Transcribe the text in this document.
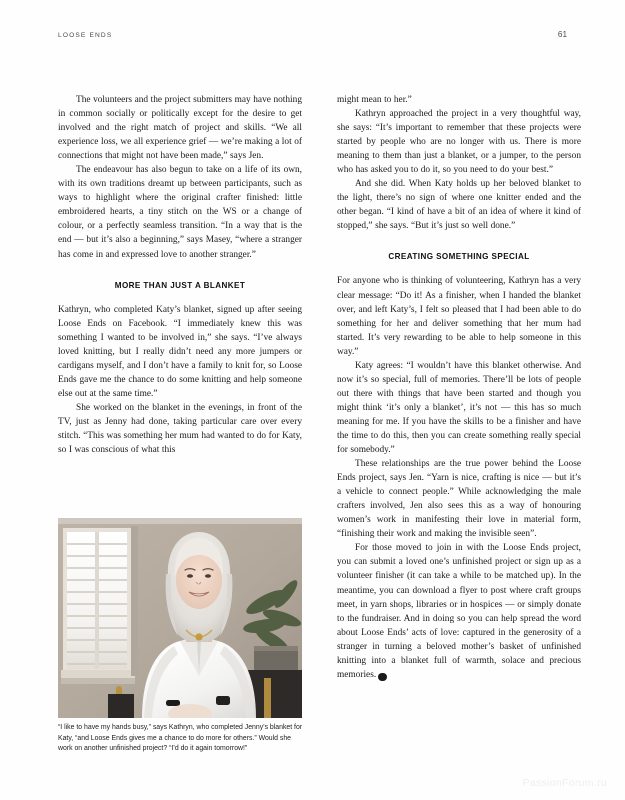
LOOSE ENDS	61

The volunteers and the project submitters may have nothing in common socially or politically except for the desire to get involved and the right match of project and skills. “We all experience loss, we all experience grief — we’re making a lot of connections that might not have been made,” says Jen.

The endeavour has also begun to take on a life of its own, with its own traditions dreamt up between participants, such as ways to highlight where the original crafter finished: little embroidered hearts, a tiny stitch on the WS or a change of colour, or a perfectly seamless transition. “In a way that is the end — but it’s also a beginning,” says Masey, “where a stranger has come in and expressed love to another stranger.”

MORE THAN JUST A BLANKET

Kathryn, who completed Katy’s blanket, signed up after seeing Loose Ends on Facebook. “I immediately knew this was something I wanted to be involved in,” she says. “I’ve always loved knitting, but I really didn’t need any more jumpers or cardigans myself, and I don’t have a family to knit for, so Loose Ends gave me the chance to do some knitting and help someone else out at the same time.”

She worked on the blanket in the evenings, in front of the TV, just as Jenny had done, taking particular care over every stitch. “This was something her mum had wanted to do for Katy, so I was conscious of what this

might mean to her.”

Kathryn approached the project in a very thoughtful way, she says: “It’s important to remember that these projects were started by people who are no longer with us. There is more meaning to them than just a blanket, or a jumper, to the person who has asked you to do it, so you need to do your best.”

And she did. When Katy holds up her beloved blanket to the light, there’s no sign of where one knitter ended and the other began. “I kind of have a bit of an idea of where it kind of stopped,” she says. “But it’s just so well done.”

CREATING SOMETHING SPECIAL

For anyone who is thinking of volunteering, Kathryn has a very clear message: “Do it! As a finisher, when I handed the blanket over, and left Katy’s, I felt so pleased that I had been able to do something for her and deliver something that her mum had started. It’s very rewarding to be able to help someone in this way.”

Katy agrees: “I wouldn’t have this blanket otherwise. And now it’s so special, full of memories. There’ll be lots of people out there with things that have been started and though you might think ‘it’s only a blanket’, it’s not — this has so much meaning for me. If you have the skills to be a finisher and have the time to do this, then you can create something really special for somebody.”

These relationships are the true power behind the Loose Ends project, says Jen. “Yarn is nice, crafting is nice — but it’s a vehicle to connect people.” While acknowledging the male crafters involved, Jen also sees this as a way of honouring women’s work in manifesting their love in material form, “finishing their work and making the invisible seen”.

For those moved to join in with the Loose Ends project, you can submit a loved one’s unfinished project or sign up as a volunteer finisher (it can take a while to be matched up). In the meantime, you can download a flyer to post where craft groups meet, in yarn shops, libraries or in hospices — or simply donate to the fundraiser. And in doing so you can help spread the word about Loose Ends’ acts of love: captured in the generosity of a stranger in turning a beloved mother’s basket of unfinished knitting into a blanket full of warmth, solace and precious memories.	L

“I like to have my hands busy,” says Kathryn, who completed Jenny’s blanket for Katy, “and Loose Ends gives me a chance to do more for others.” Would she work on another unfinished project? “I’d do it again tomorrow!”
PassionForum.ru
